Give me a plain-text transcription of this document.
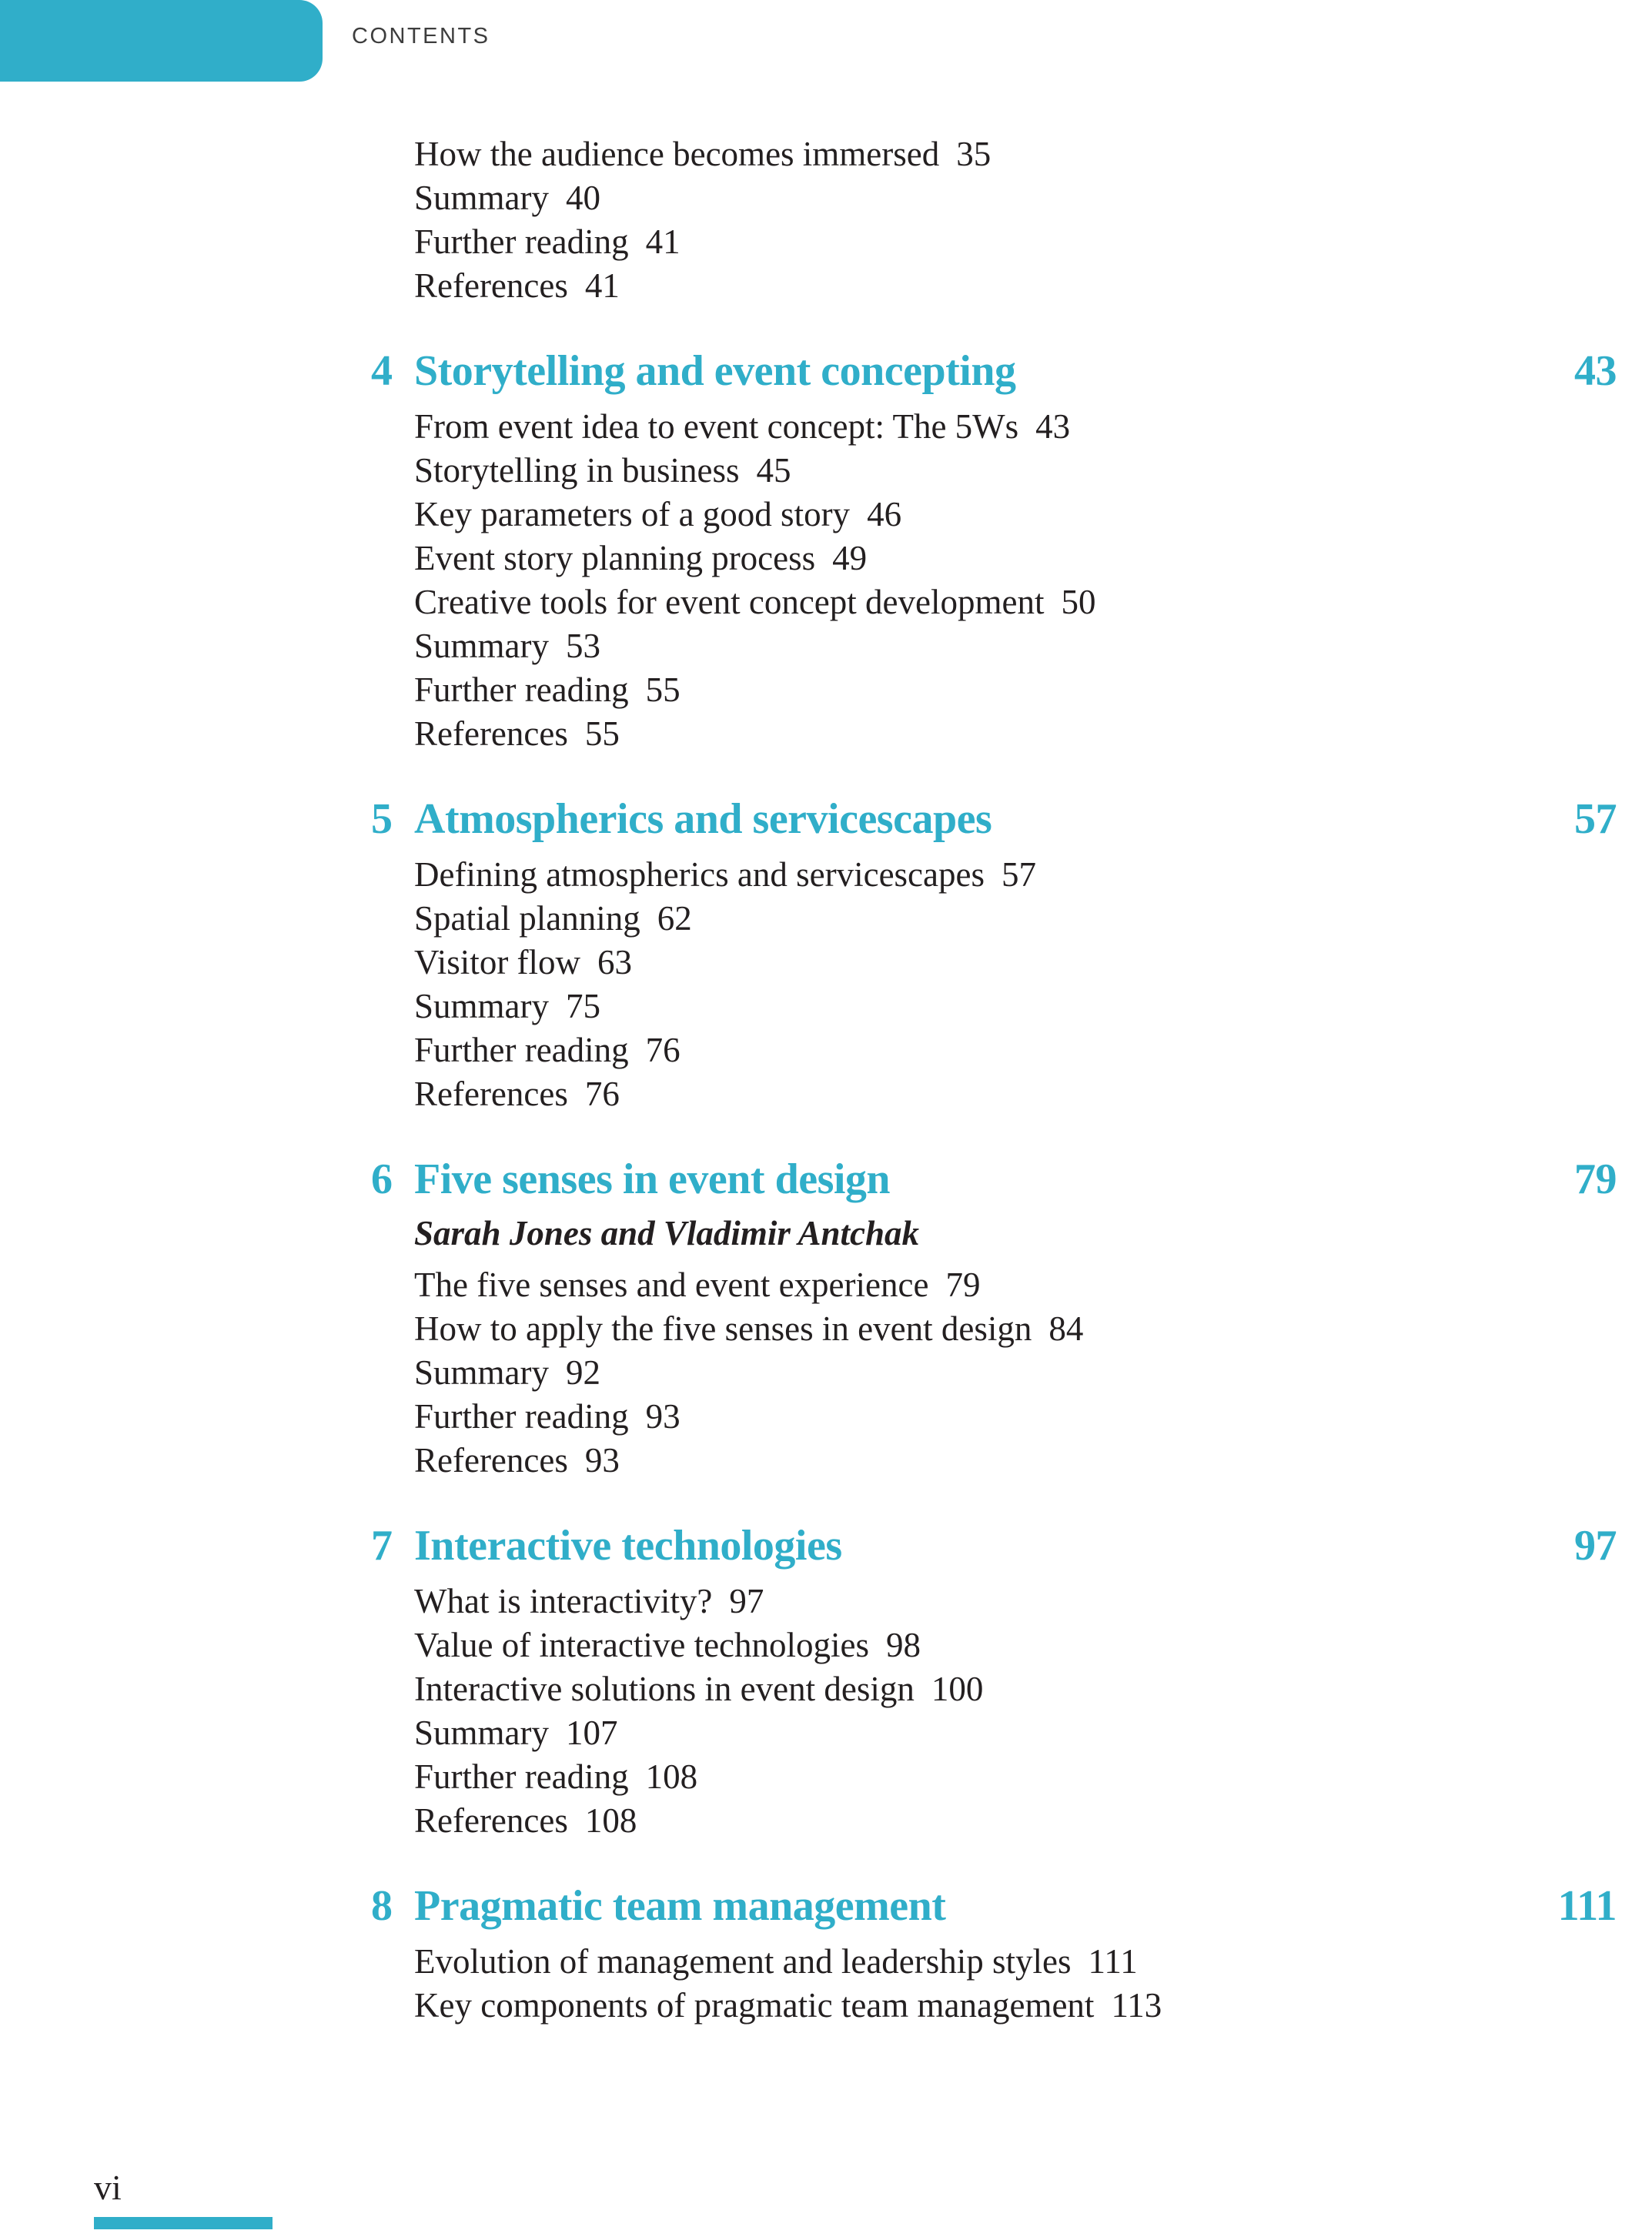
CONTENTS
How the audience becomes immersed 35
Summary 40
Further reading 41
References 41
4 Storytelling and event concepting	43
From event idea to event concept: The 5Ws 43
Storytelling in business 45
Key parameters of a good story 46
Event story planning process 49
Creative tools for event concept development 50
Summary 53
Further reading 55
References 55
5 Atmospherics and servicescapes	57
Defining atmospherics and servicescapes 57
Spatial planning 62
Visitor flow 63
Summary 75
Further reading 76
References 76
6 Five senses in event design	79
Sarah Jones and Vladimir Antchak
The five senses and event experience 79
How to apply the five senses in event design 84
Summary 92
Further reading 93
References 93
7 Interactive technologies	97
What is interactivity? 97
Value of interactive technologies 98
Interactive solutions in event design 100
Summary 107
Further reading 108
References 108
8 Pragmatic team management	111
Evolution of management and leadership styles 111
Key components of pragmatic team management 113
vi
